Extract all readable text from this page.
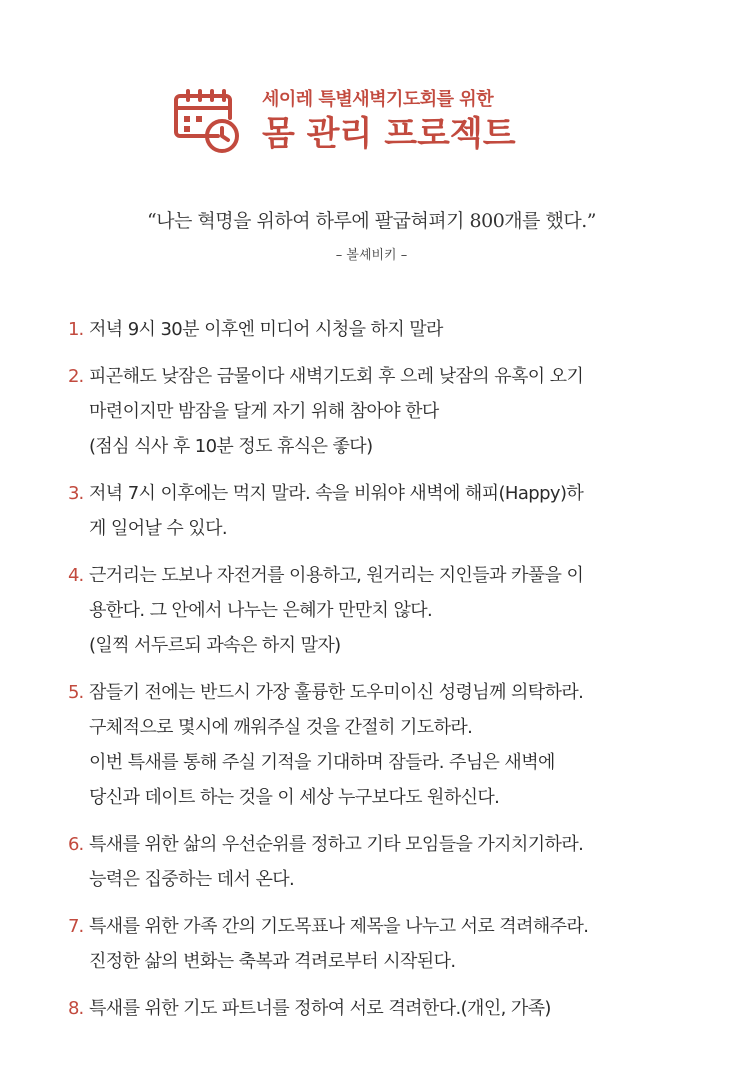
세이레 특별새벽기도회를 위한
몸 관리 프로젝트
“나는 혁명을 위하여 하루에 팔굽혀펴기 800개를 했다.”
– 볼셰비키 –
1. 저녁 9시 30분 이후엔 미디어 시청을 하지 말라
2. 피곤해도 낮잠은 금물이다 새벽기도회 후 으레 낮잠의 유혹이 오기
마련이지만 밤잠을 달게 자기 위해 참아야 한다
(점심 식사 후 10분 정도 휴식은 좋다)
3. 저녁 7시 이후에는 먹지 말라. 속을 비워야 새벽에 해피(Happy)하
게 일어날 수 있다.
4. 근거리는 도보나 자전거를 이용하고, 원거리는 지인들과 카풀을 이
용한다. 그 안에서 나누는 은혜가 만만치 않다.
(일찍 서두르되 과속은 하지 말자)
5. 잠들기 전에는 반드시 가장 훌륭한 도우미이신 성령님께 의탁하라.
구체적으로 몇시에 깨워주실 것을 간절히 기도하라.
이번 특새를 통해 주실 기적을 기대하며 잠들라. 주님은 새벽에
당신과 데이트 하는 것을 이 세상 누구보다도 원하신다.
6. 특새를 위한 삶의 우선순위를 정하고 기타 모임들을 가지치기하라.
능력은 집중하는 데서 온다.
7. 특새를 위한 가족 간의 기도목표나 제목을 나누고 서로 격려해주라.
진정한 삶의 변화는 축복과 격려로부터 시작된다.
8. 특새를 위한 기도 파트너를 정하여 서로 격려한다.(개인, 가족)
